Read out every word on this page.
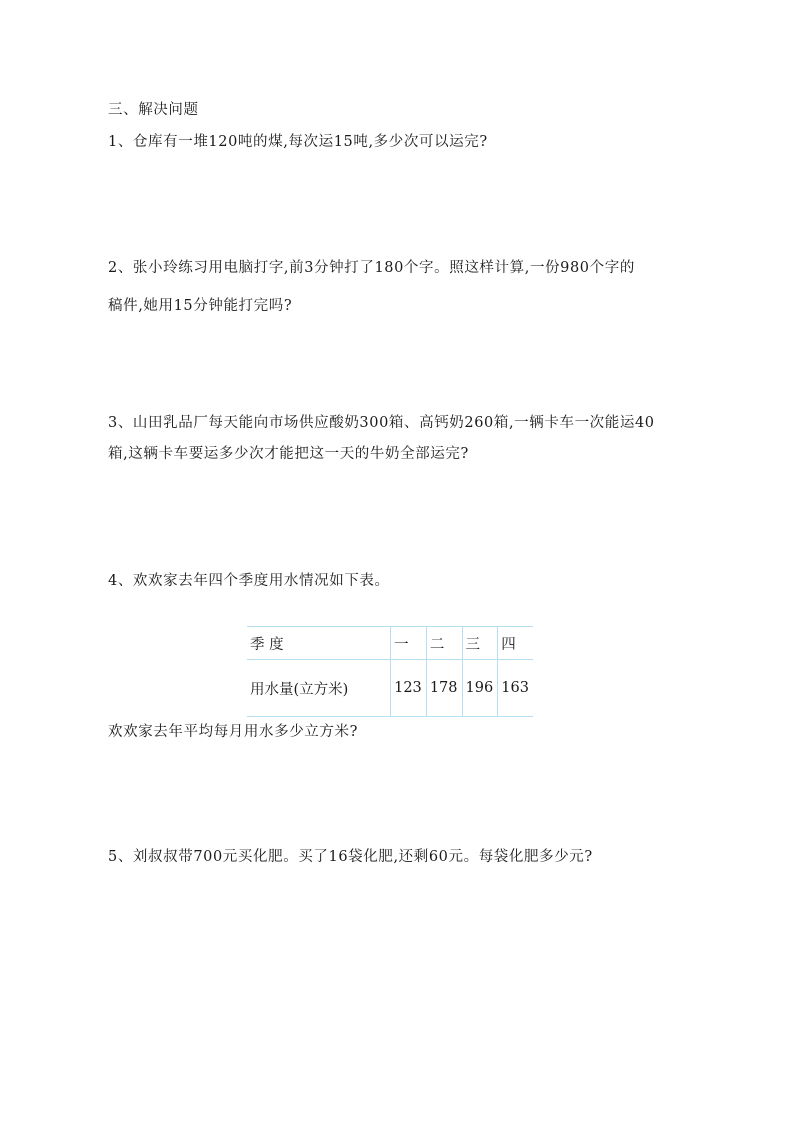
三、解决问题
1、仓库有一堆120吨的煤,每次运15吨,多少次可以运完?
2、张小玲练习用电脑打字,前3分钟打了180个字。照这样计算,一份980个字的
稿件,她用15分钟能打完吗?
3、山田乳品厂每天能向市场供应酸奶300箱、高钙奶260箱,一辆卡车一次能运40
箱,这辆卡车要运多少次才能把这一天的牛奶全部运完?
4、欢欢家去年四个季度用水情况如下表。
季 度	一	二	三	四
用水量(立方米)	123	178	196	163
欢欢家去年平均每月用水多少立方米?
5、刘叔叔带700元买化肥。买了16袋化肥,还剩60元。每袋化肥多少元?
